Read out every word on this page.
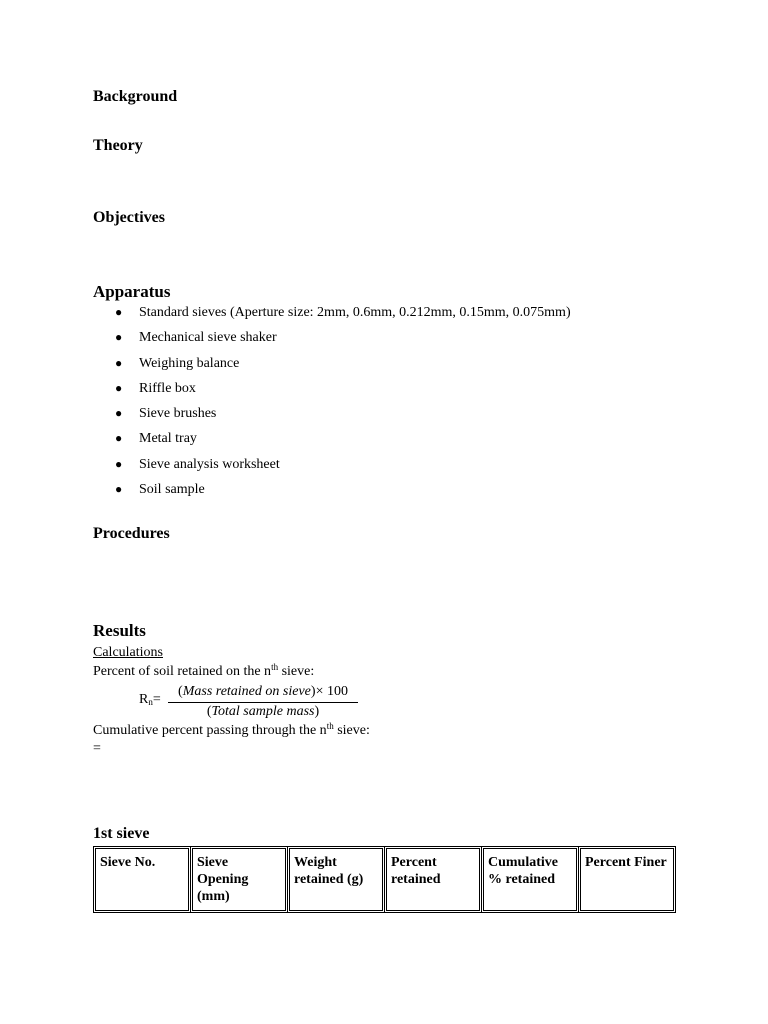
Background
Theory
Objectives
Apparatus
● Standard sieves (Aperture size: 2mm, 0.6mm, 0.212mm, 0.15mm, 0.075mm)
● Mechanical sieve shaker
● Weighing balance
● Riffle box
● Sieve brushes
● Metal tray
● Sieve analysis worksheet
● Soil sample
Procedures
Results
Calculations
Percent of soil retained on the $n^{th}$ sieve:
$R_n=$
(Mass retained on sieve)× 100
(Total sample mass)
Cumulative percent passing through the $n^{th}$ sieve:
=
1st sieve
Sieve No.	Sieve Opening (mm)	Weight retained (g)	Percent retained	Cumulative % retained	Percent Finer
